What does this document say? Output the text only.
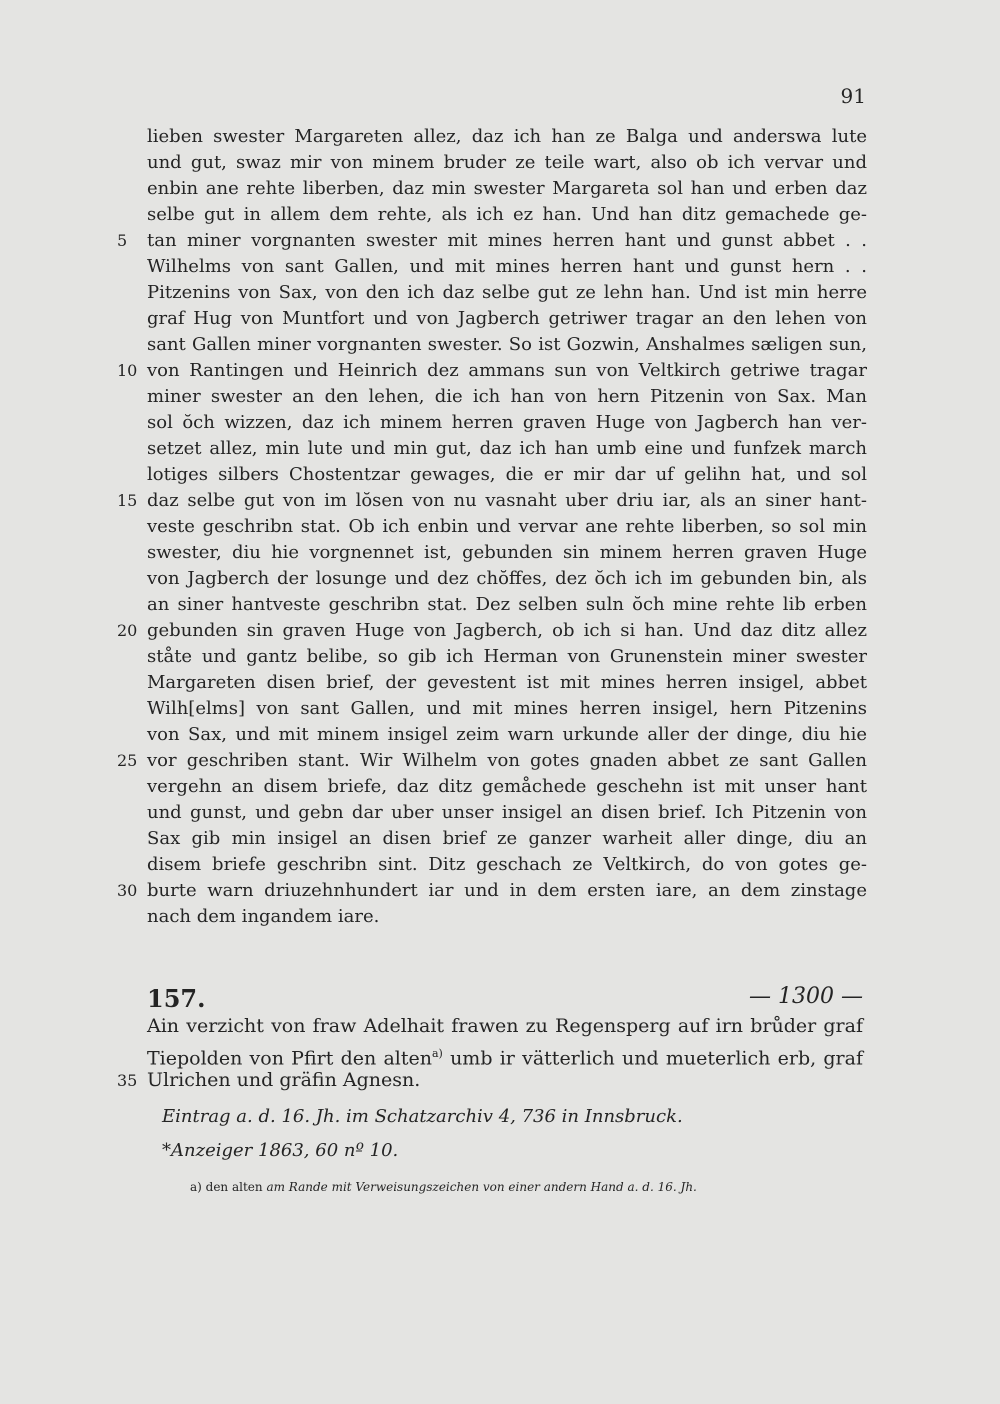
91
lieben swester Margareten allez, daz ich han ze Balga und anderswa lute
und gut, swaz mir von minem bruder ze teile wart, also ob ich vervar und
enbin ane rehte liberben, daz min swester Margareta sol han und erben daz
selbe gut in allem dem rehte, als ich ez han. Und han ditz gemachede ge-
5	tan miner vorgnanten swester mit mines herren hant und gunst abbet . .
Wilhelms von sant Gallen, und mit mines herren hant und gunst hern . .
Pitzenins von Sax, von den ich daz selbe gut ze lehn han. Und ist min herre
graf Hug von Muntfort und von Jagberch getriwer tragar an den lehen von
sant Gallen miner vorgnanten swester. So ist Gozwin, Anshalmes sæligen sun,
10 von Rantingen und Heinrich dez ammans sun von Veltkirch getriwe tragar
miner swester an den lehen, die ich han von hern Pitzenin von Sax. Man
sol ŏch wizzen, daz ich minem herren graven Huge von Jagberch han ver-
setzet allez, min lute und min gut, daz ich han umb eine und funfzek march
lotiges silbers Chostentzar gewages, die er mir dar uf gelihn hat, und sol
15 daz selbe gut von im lŏsen von nu vasnaht uber driu iar, als an siner hant-
veste geschribn stat. Ob ich enbin und vervar ane rehte liberben, so sol min
swester, diu hie vorgnennet ist, gebunden sin minem herren graven Huge
von Jagberch der losunge und dez chŏffes, dez ŏch ich im gebunden bin, als
an siner hantveste geschribn stat. Dez selben suln ŏch mine rehte lib erben
20 gebunden sin graven Huge von Jagberch, ob ich si han. Und daz ditz allez
ståte und gantz belibe, so gib ich Herman von Grunenstein miner swester
Margareten disen brief, der gevestent ist mit mines herren insigel, abbet
Wilh[elms] von sant Gallen, und mit mines herren insigel, hern Pitzenins
von Sax, und mit minem insigel zeim warn urkunde aller der dinge, diu hie
25 vor geschriben stant. Wir Wilhelm von gotes gnaden abbet ze sant Gallen
vergehn an disem briefe, daz ditz gemåchede geschehn ist mit unser hant
und gunst, und gebn dar uber unser insigel an disen brief. Ich Pitzenin von
Sax gib min insigel an disen brief ze ganzer warheit aller dinge, diu an
disem briefe geschribn sint. Ditz geschach ze Veltkirch, do von gotes ge-
30 burte warn driuzehnhundert iar und in dem ersten iare, an dem zinstage
nach dem ingandem iare.
157.	— 1300 —
Ain verzicht von fraw Adelhait frawen zu Regensperg auf irn brůder graf
Tiepolden von Pfirt den alten$^{a)}$ umb ir vätterlich und mueterlich erb, graf
35 Ulrichen und gräfin Agnesn.
Eintrag a. d. 16. Jh. im Schatzarchiv 4, 736 in Innsbruck.
*Anzeiger 1863, 60 nº 10.
a) den alten am Rande mit Verweisungszeichen von einer andern Hand a. d. 16. Jh.
